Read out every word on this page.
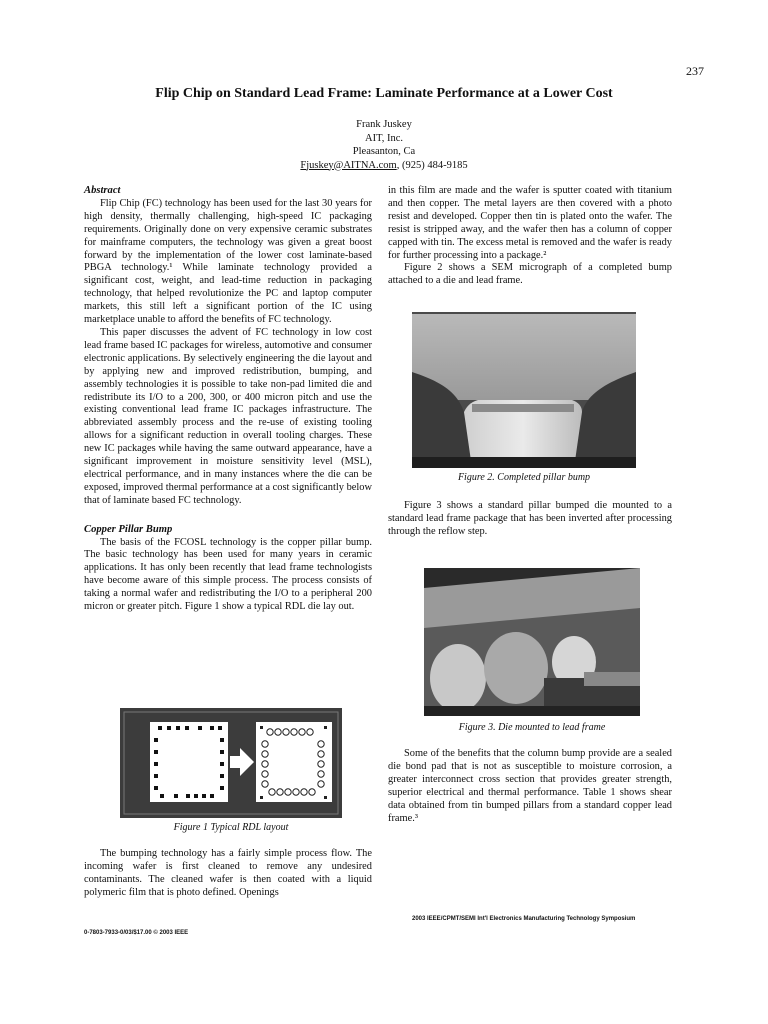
237
Flip Chip on Standard Lead Frame: Laminate Performance at a Lower Cost
Frank Juskey
AIT, Inc.
Pleasanton, Ca
Fjuskey@AITNA.com, (925) 484-9185
Abstract

Flip Chip (FC) technology has been used for the last 30 years for high density, thermally challenging, high-speed IC packaging requirements. Originally done on very expensive ceramic substrates for mainframe computers, the technology was given a great boost forward by the implementation of the lower cost laminate-based PBGA technology.¹ While laminate technology provided a significant cost, weight, and lead-time reduction in packaging technology, that helped revolutionize the PC and laptop computer markets, this still left a significant portion of the IC using marketplace unable to afford the benefits of FC technology.

This paper discusses the advent of FC technology in low cost lead frame based IC packages for wireless, automotive and consumer electronic applications. By selectively engineering the die layout and by applying new and improved redistribution, bumping, and assembly technologies it is possible to take non-pad limited die and redistribute its I/O to a 200, 300, or 400 micron pitch and use the existing conventional lead frame IC packages infrastructure. The abbreviated assembly process and the re-use of existing tooling allows for a significant reduction in overall tooling charges. These new IC packages while having the same outward appearance, have a significant improvement in moisture sensitivity level (MSL), electrical performance, and in many instances where the die can be exposed, improved thermal performance at a cost significantly below that of laminate based FC technology.

Copper Pillar Bump

The basis of the FCOSL technology is the copper pillar bump. The basic technology has been used for many years in ceramic applications. It has only been recently that lead frame technologists have become aware of this simple process. The process consists of taking a normal wafer and redistributing the I/O to a peripheral 200 micron or greater pitch. Figure 1 show a typical RDL die lay out.

Figure 1 Typical RDL layout

The bumping technology has a fairly simple process flow. The incoming wafer is first cleaned to remove any undesired contaminants. The cleaned wafer is then coated with a liquid polymeric film that is photo defined. Openings

in this film are made and the wafer is sputter coated with titanium and then copper. The metal layers are then covered with a photo resist and developed. Copper then tin is plated onto the wafer. The resist is stripped away, and the wafer then has a column of copper capped with tin. The excess metal is removed and the wafer is ready for further processing into a package.²

Figure 2 shows a SEM micrograph of a completed bump attached to a die and lead frame.

Figure 2. Completed pillar bump

Figure 3 shows a standard pillar bumped die mounted to a standard lead frame package that has been inverted after processing through the reflow step.

Figure 3. Die mounted to lead frame

Some of the benefits that the column bump provide are a sealed die bond pad that is not as susceptible to moisture corrosion, a greater interconnect cross section that provides greater strength, superior electrical and thermal performance. Table 1 shows shear data obtained from tin bumped pillars from a standard copper lead frame.³

2003 IEEE/CPMT/SEMI Int'l Electronics Manufacturing Technology Symposium
0-7803-7933-0/03/$17.00 © 2003 IEEE
